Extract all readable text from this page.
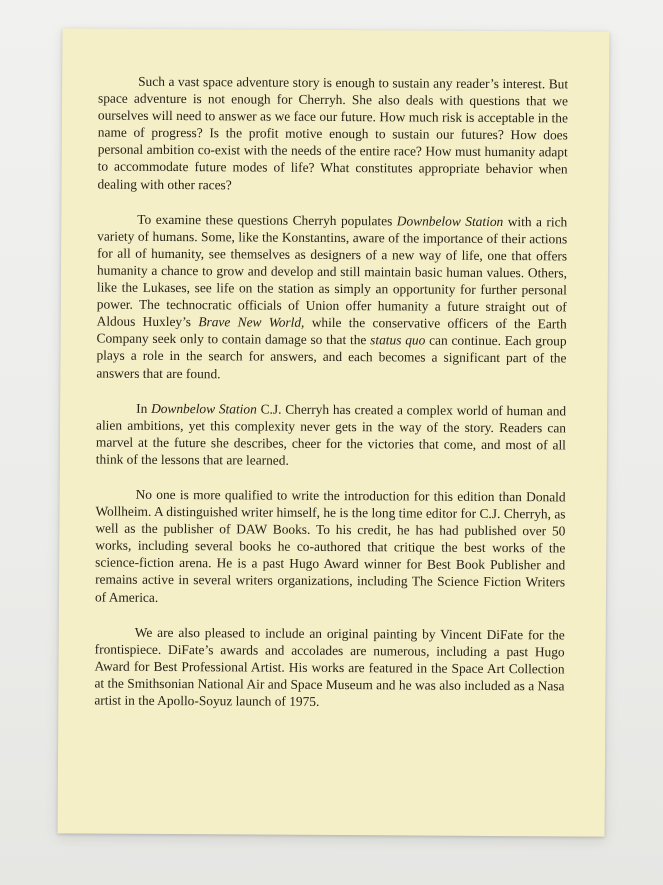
Such a vast space adventure story is enough to sustain any reader’s interest. But space adventure is not enough for Cherryh. She also deals with questions that we ourselves will need to answer as we face our future. How much risk is acceptable in the name of progress? Is the profit motive enough to sustain our futures? How does personal ambition co-exist with the needs of the entire race? How must humanity adapt to accommodate future modes of life? What constitutes appropriate behavior when dealing with other races?

To examine these questions Cherryh populates Downbelow Station with a rich variety of humans. Some, like the Konstantins, aware of the importance of their actions for all of humanity, see themselves as designers of a new way of life, one that offers humanity a chance to grow and develop and still maintain basic human values. Others, like the Lukases, see life on the station as simply an opportunity for further personal power. The technocratic officials of Union offer humanity a future straight out of Aldous Huxley’s Brave New World, while the conservative officers of the Earth Company seek only to contain damage so that the status quo can continue. Each group plays a role in the search for answers, and each becomes a significant part of the answers that are found.

In Downbelow Station C.J. Cherryh has created a complex world of human and alien ambitions, yet this complexity never gets in the way of the story. Readers can marvel at the future she describes, cheer for the victories that come, and most of all think of the lessons that are learned.

No one is more qualified to write the introduction for this edition than Donald Wollheim. A distinguished writer himself, he is the long time editor for C.J. Cherryh, as well as the publisher of DAW Books. To his credit, he has had published over 50 works, including several books he co-authored that critique the best works of the science-fiction arena. He is a past Hugo Award winner for Best Book Publisher and remains active in several writers organizations, including The Science Fiction Writers of America.

We are also pleased to include an original painting by Vincent DiFate for the frontispiece. DiFate’s awards and accolades are numerous, including a past Hugo Award for Best Professional Artist. His works are featured in the Space Art Collection at the Smithsonian National Air and Space Museum and he was also included as a Nasa artist in the Apollo-Soyuz launch of 1975.
